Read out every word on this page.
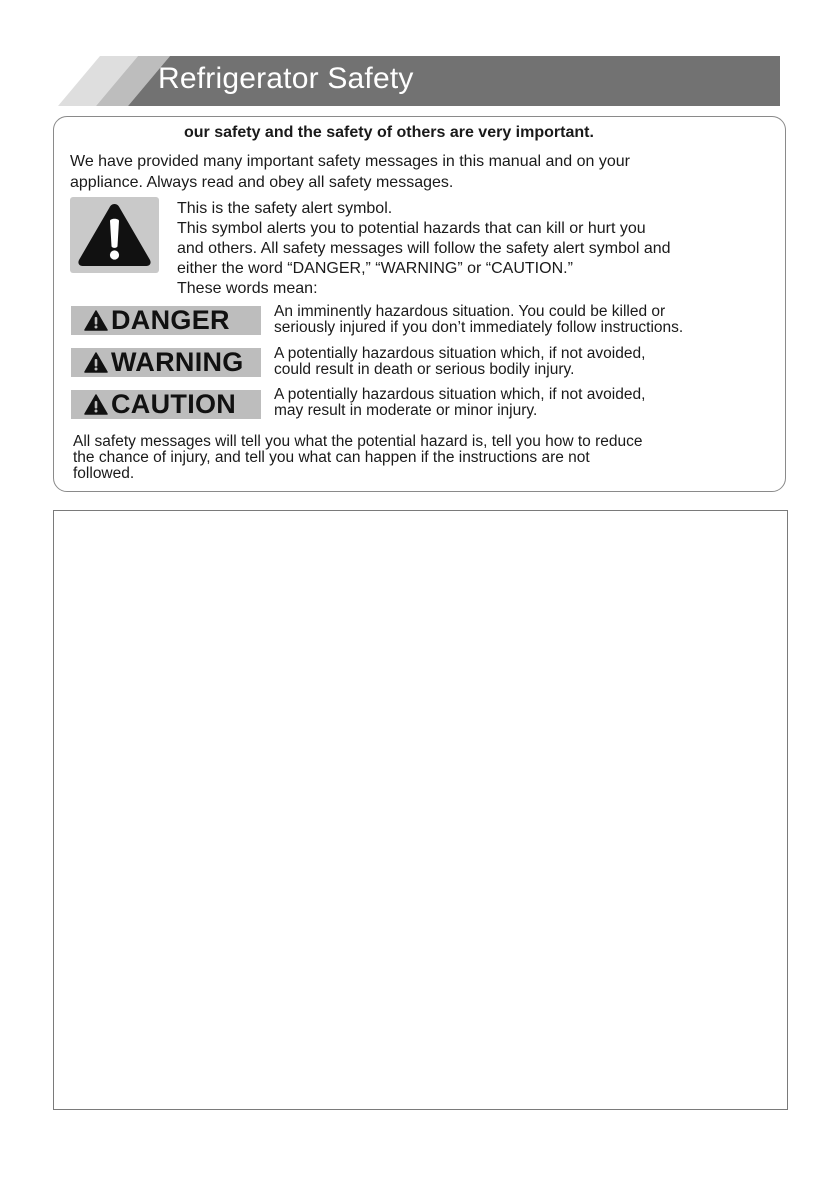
Refrigerator Safety
our safety and the safety of others are very important.
We have provided many important safety messages in this manual and on your
appliance. Always read and obey all safety messages.
This is the safety alert symbol.
This symbol alerts you to potential hazards that can kill or hurt you
and others. All safety messages will follow the safety alert symbol and
either the word “DANGER,” “WARNING” or “CAUTION.”
These words mean:
DANGER	An imminently hazardous situation. You could be killed or
seriously injured if you don’t immediately follow instructions.
WARNING A potentially hazardous situation which, if not avoided,
could result in death or serious bodily injury.
CAUTION A potentially hazardous situation which, if not avoided,
may result in moderate or minor injury.
All safety messages will tell you what the potential hazard is, tell you how to reduce
the chance of injury, and tell you what can happen if the instructions are not
followed.
